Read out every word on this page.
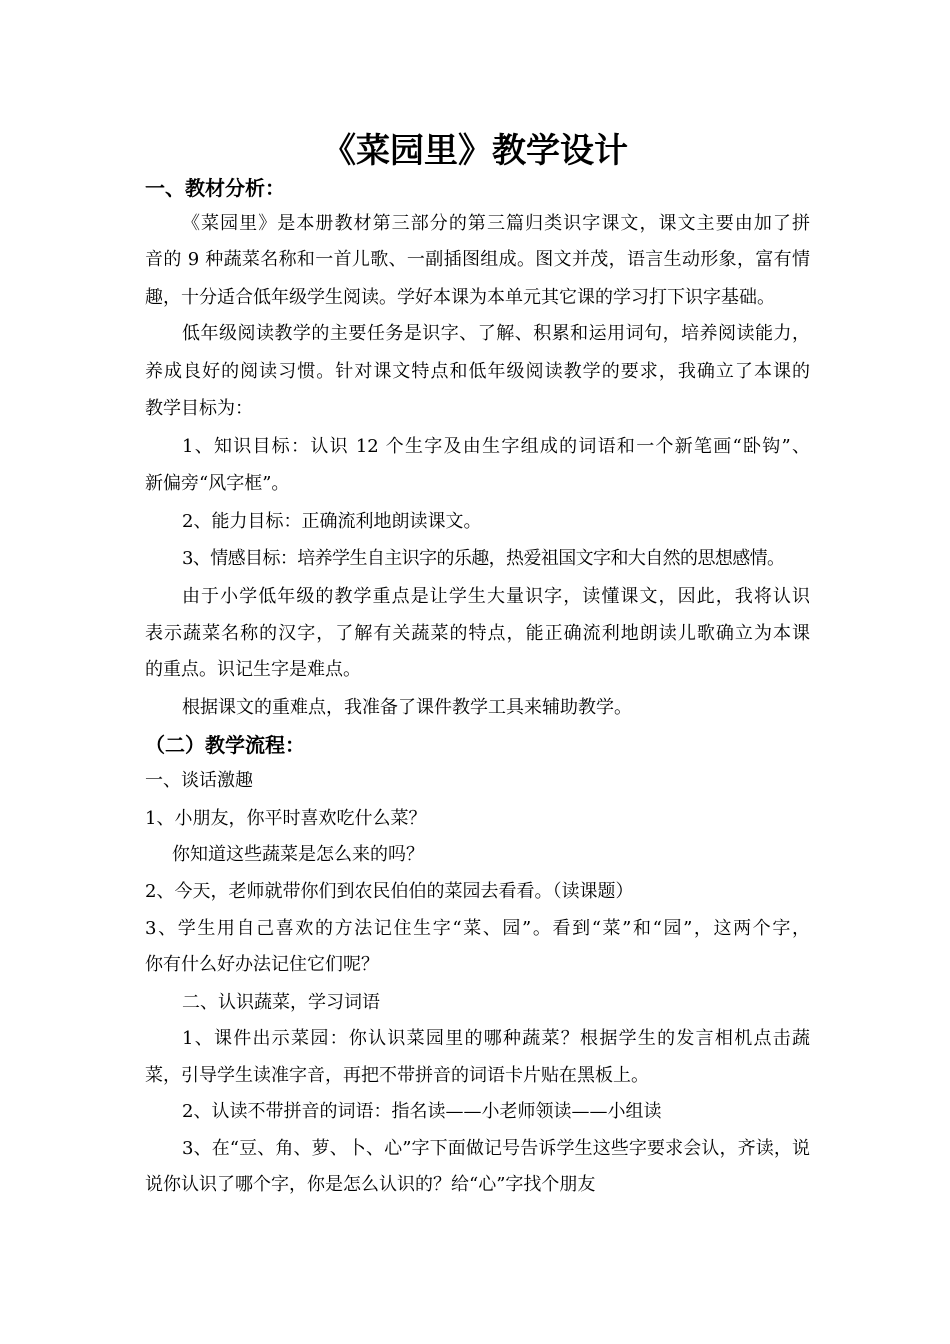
《菜园里》教学设计
一、教材分析：
《菜园里》是本册教材第三部分的第三篇归类识字课文，课文主要由加了拼
音的 9 种蔬菜名称和一首儿歌、一副插图组成。图文并茂，语言生动形象，富有情
趣，十分适合低年级学生阅读。学好本课为本单元其它课的学习打下识字基础。
低年级阅读教学的主要任务是识字、了解、积累和运用词句，培养阅读能力，
养成良好的阅读习惯。针对课文特点和低年级阅读教学的要求，我确立了本课的
教学目标为：
1、知识目标：认识 12 个生字及由生字组成的词语和一个新笔画“卧钩”、
新偏旁“风字框”。
2、能力目标：正确流利地朗读课文。
3、情感目标：培养学生自主识字的乐趣，热爱祖国文字和大自然的思想感情。
由于小学低年级的教学重点是让学生大量识字，读懂课文，因此，我将认识
表示蔬菜名称的汉字，了解有关蔬菜的特点，能正确流利地朗读儿歌确立为本课
的重点。识记生字是难点。
根据课文的重难点，我准备了课件教学工具来辅助教学。
（二）教学流程：
一、谈话激趣
1、小朋友，你平时喜欢吃什么菜？
你知道这些蔬菜是怎么来的吗？
2、今天，老师就带你们到农民伯伯的菜园去看看。（读课题）
3、学生用自己喜欢的方法记住生字“菜、园”。看到“菜”和“园”，这两个字，
你有什么好办法记住它们呢？
二、认识蔬菜，学习词语
1、课件出示菜园：你认识菜园里的哪种蔬菜？根据学生的发言相机点击蔬
菜，引导学生读准字音，再把不带拼音的词语卡片贴在黑板上。
2、认读不带拼音的词语：指名读——小老师领读——小组读
3、在“豆、角、萝、卜、心”字下面做记号告诉学生这些字要求会认，齐读，说
说你认识了哪个字，你是怎么认识的？给“心”字找个朋友
